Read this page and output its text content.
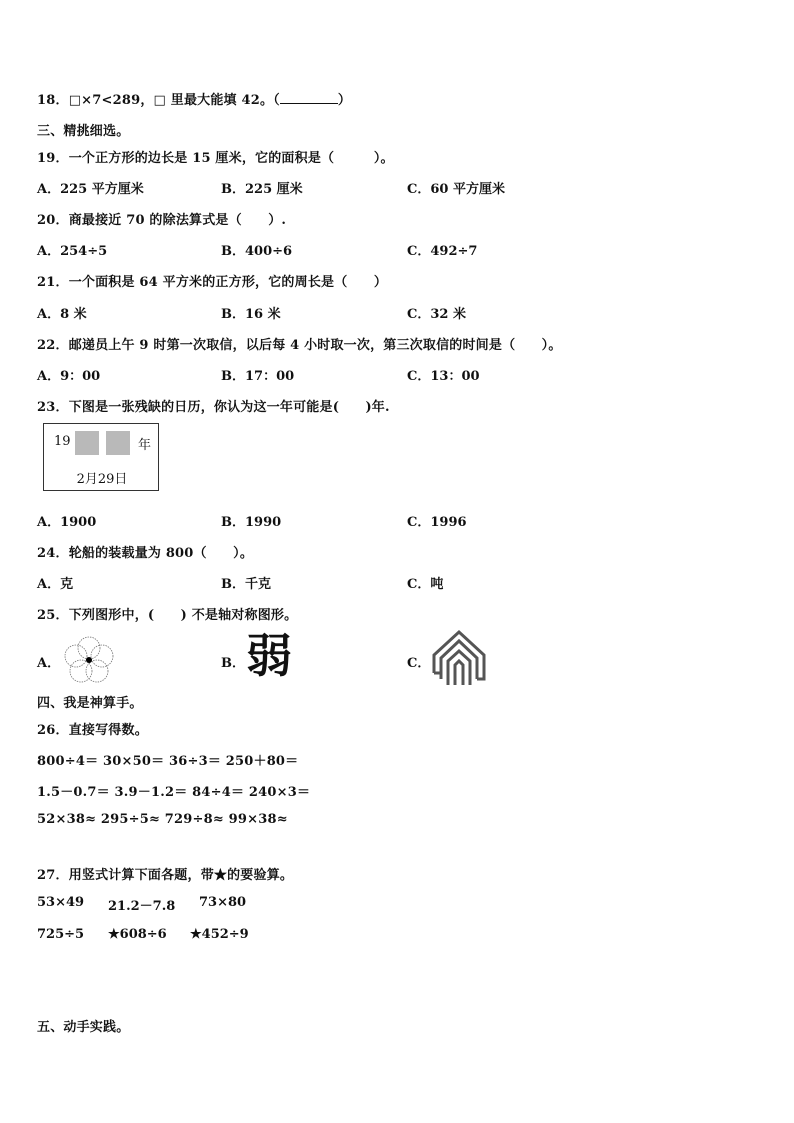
18．□×7<289，□ 里最大能填 42。（	）
三、精挑细选。
19．一个正方形的边长是 15 厘米，它的面积是（　　　）。
A．225 平方厘米	B．225 厘米	C．60 平方厘米
20．商最接近 70 的除法算式是（　　）.
A．254÷5	B．400÷6	C．492÷7
21．一个面积是 64 平方米的正方形，它的周长是（　　）
A．8 米	B．16 米	C．32 米
22．邮递员上午 9 时第一次取信，以后每 4 小时取一次，第三次取信的时间是（　　）。
A．9：00	B．17：00	C．13：00
23．下图是一张残缺的日历，你认为这一年可能是(　　)年.
19	年
2月29日
A．1900	B．1990	C．1996
24．轮船的装载量为 800（　　）。
A．克	B．千克	C．吨
25．下列图形中，(　　) 不是轴对称图形。
A．	B． 弱	C．
四、我是神算手。
26．直接写得数。
800÷4＝ 30×50＝ 36÷3＝ 250＋80＝
1.5－0.7＝ 3.9－1.2＝ 84÷4＝ 240×3＝
52×38≈ 295÷5≈ 729÷8≈ 99×38≈
27．用竖式计算下面各题，带★的要验算。
53×49 21.2－7.8 73×80
725÷5 ★608÷6 ★452÷9
五、动手实践。
